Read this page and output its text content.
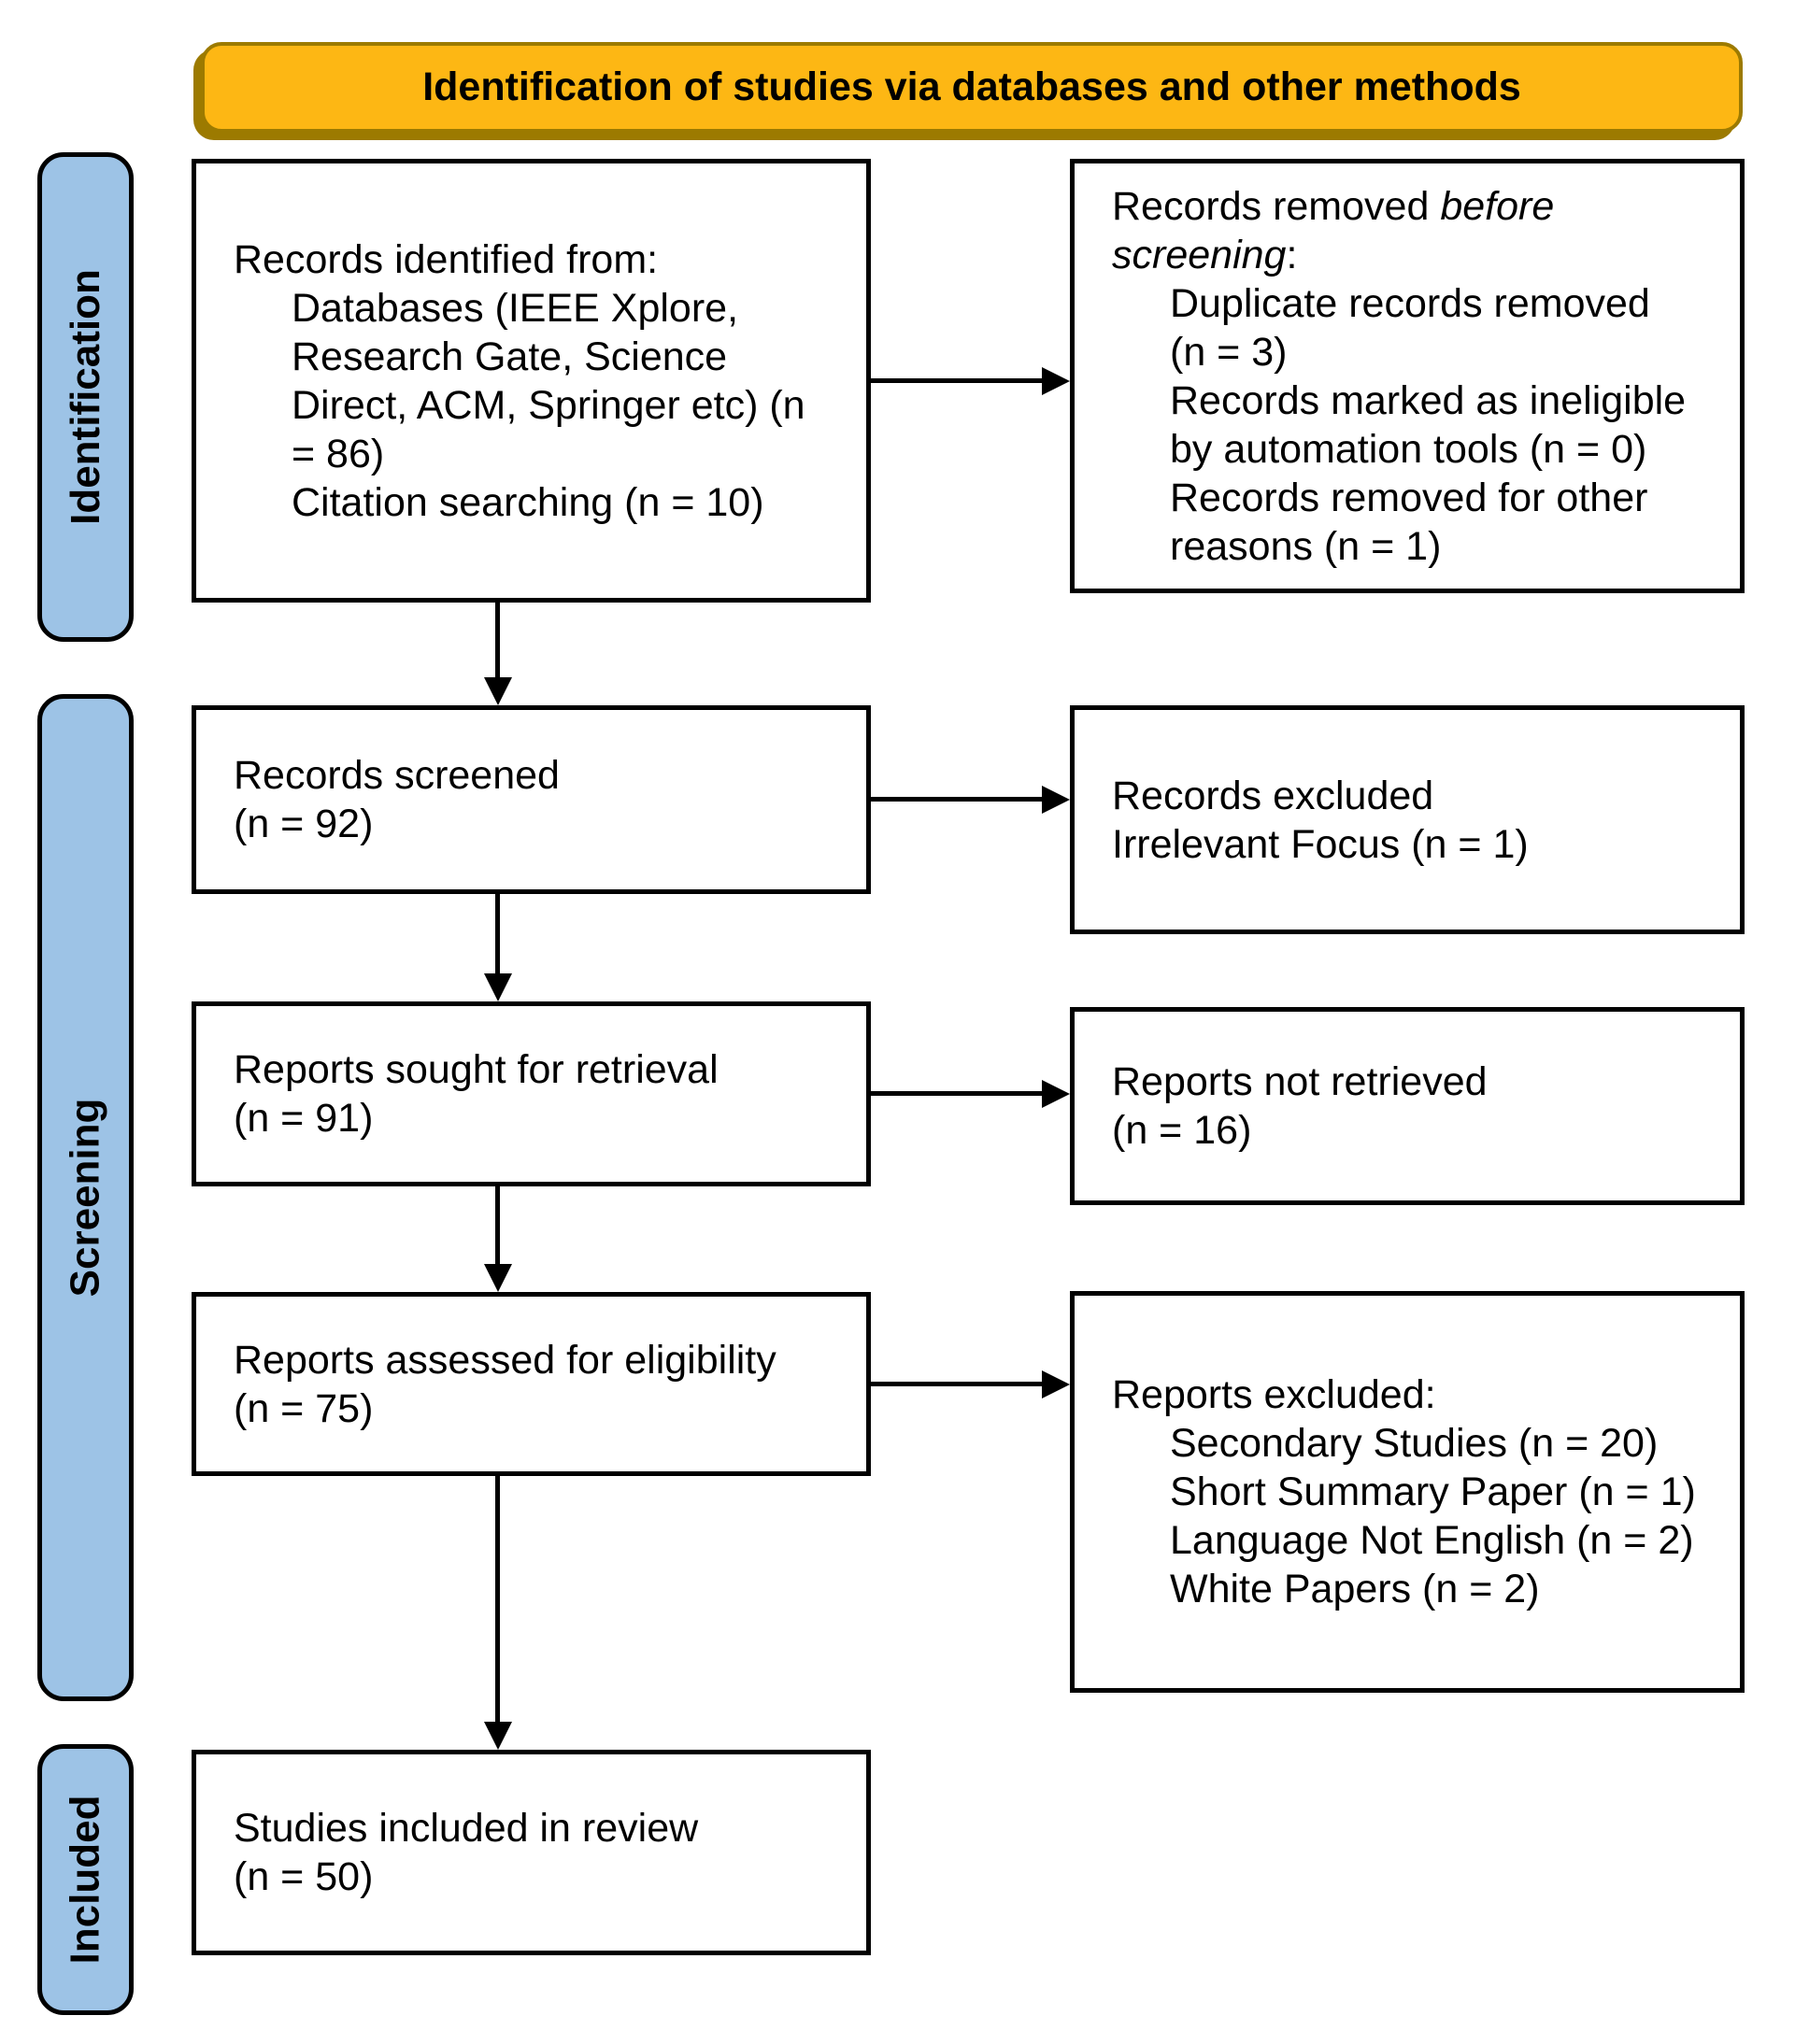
Identification of studies via databases and other methods
Identification
Screening
Included
Records identified from:
Databases (IEEE Xplore,
Research Gate, Science
Direct, ACM, Springer etc) (n
= 86)
Citation searching (n = 10)
Records removed before
screening:
Duplicate records removed
(n = 3)
Records marked as ineligible
by automation tools (n = 0)
Records removed for other
reasons (n = 1)
Records screened
(n = 92)
Records excluded
Irrelevant Focus (n = 1)
Reports sought for retrieval
(n = 91)
Reports not retrieved
(n = 16)
Reports assessed for eligibility
(n = 75)	Reports excluded:
Secondary Studies (n = 20)
Short Summary Paper (n = 1)
Language Not English (n = 2)
White Papers (n = 2)
Studies included in review
(n = 50)
